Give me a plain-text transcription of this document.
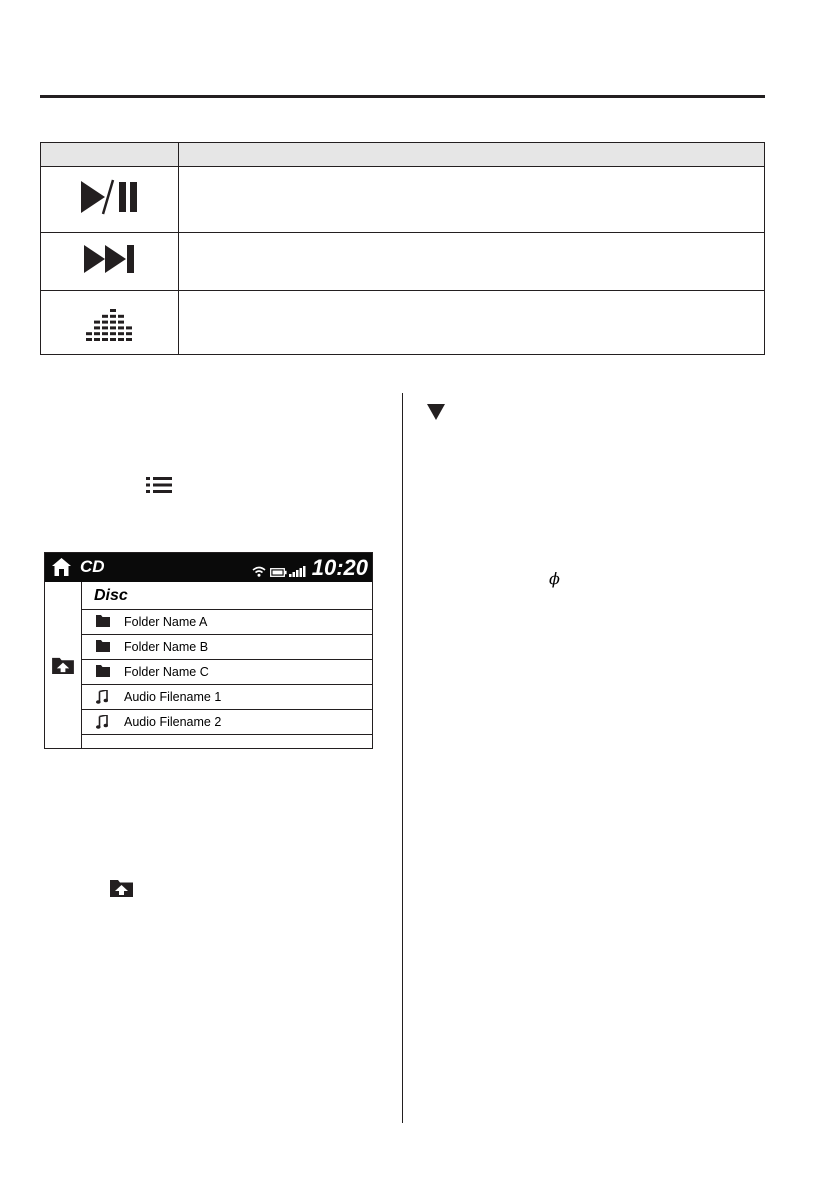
ϕ
CD	10:20
Disc
Folder Name A
Folder Name B
Folder Name C
Audio Filename 1
Audio Filename 2
